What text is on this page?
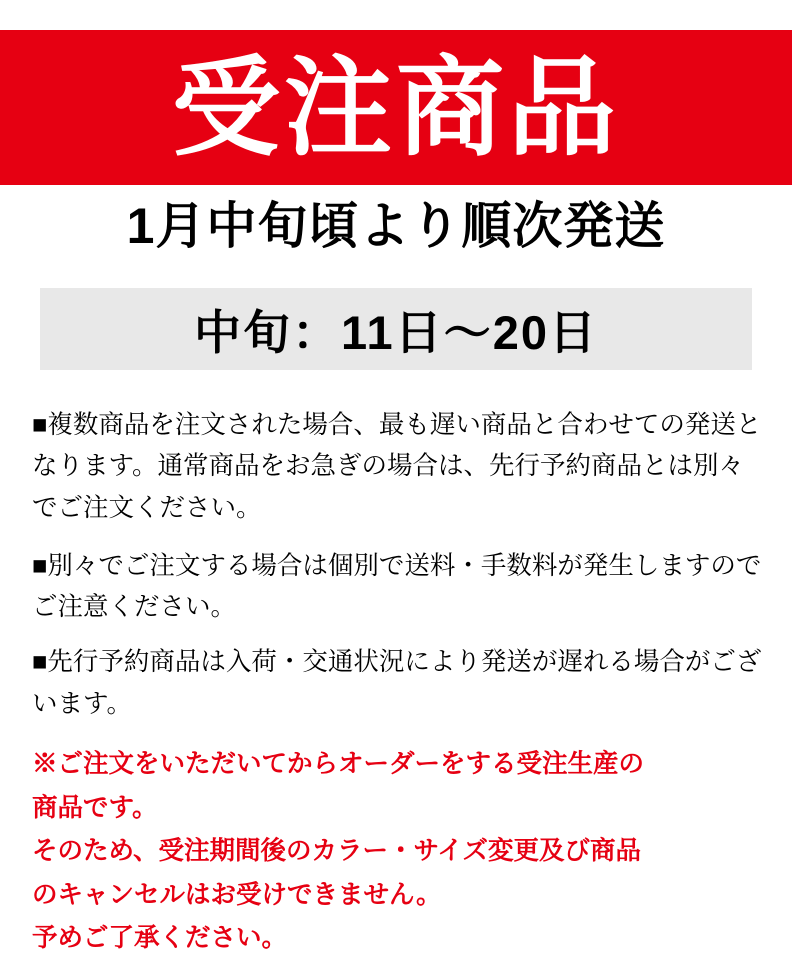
受注商品
1月中旬頃より順次発送
中旬：11日〜20日
■複数商品を注文された場合、最も遅い商品と合わせての発送となります。通常商品をお急ぎの場合は、先行予約商品とは別々でご注文ください。
■別々でご注文する場合は個別で送料・手数料が発生しますのでご注意ください。
■先行予約商品は入荷・交通状況により発送が遅れる場合がございます。

※ご注文をいただいてからオーダーをする受注生産の

商品です。

そのため、受注期間後のカラー・サイズ変更及び商品

のキャンセルはお受けできません。

予めご了承ください。
